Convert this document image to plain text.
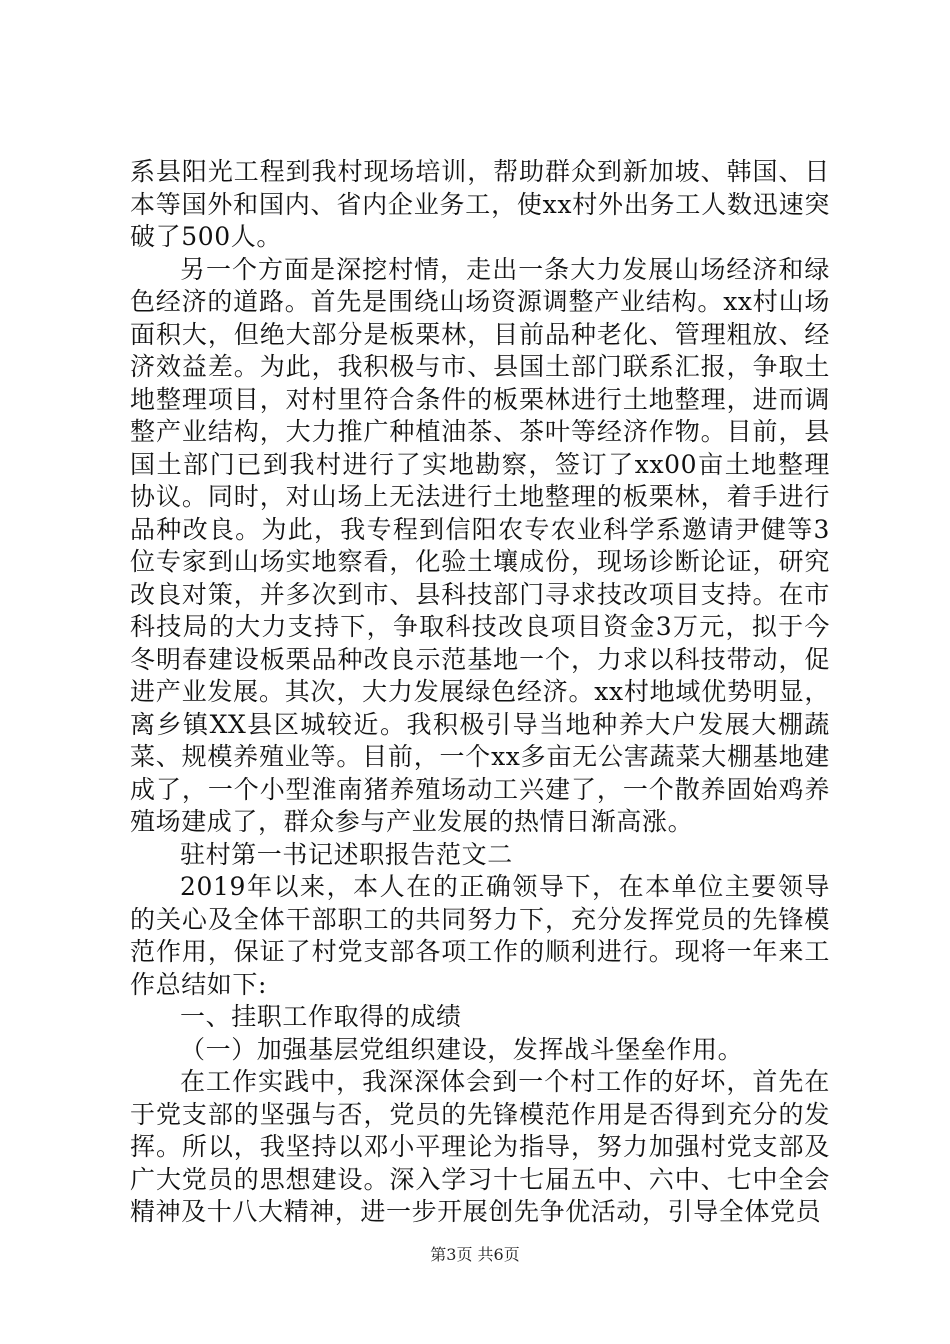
系县阳光工程到我村现场培训，帮助群众到新加坡、韩国、日本等国外和国内、省内企业务工，使xx村外出务工人数迅速突破了500人。

另一个方面是深挖村情，走出一条大力发展山场经济和绿色经济的道路。首先是围绕山场资源调整产业结构。xx村山场面积大，但绝大部分是板栗林，目前品种老化、管理粗放、经济效益差。为此，我积极与市、县国土部门联系汇报，争取土地整理项目，对村里符合条件的板栗林进行土地整理，进而调整产业结构，大力推广种植油茶、茶叶等经济作物。目前，县国土部门已到我村进行了实地勘察，签订了xx00亩土地整理协议。同时，对山场上无法进行土地整理的板栗林，着手进行品种改良。为此，我专程到信阳农专农业科学系邀请尹健等3位专家到山场实地察看，化验土壤成份，现场诊断论证，研究改良对策，并多次到市、县科技部门寻求技改项目支持。在市科技局的大力支持下，争取科技改良项目资金3万元，拟于今冬明春建设板栗品种改良示范基地一个，力求以科技带动，促进产业发展。其次，大力发展绿色经济。xx村地域优势明显，离乡镇XX县区城较近。我积极引导当地种养大户发展大棚蔬菜、规模养殖业等。目前，一个xx多亩无公害蔬菜大棚基地建成了，一个小型淮南猪养殖场动工兴建了，一个散养固始鸡养殖场建成了，群众参与产业发展的热情日渐高涨。

驻村第一书记述职报告范文二

2019年以来，本人在的正确领导下，在本单位主要领导的关心及全体干部职工的共同努力下，充分发挥党员的先锋模范作用，保证了村党支部各项工作的顺利进行。现将一年来工作总结如下:

一、挂职工作取得的成绩

（一）加强基层党组织建设，发挥战斗堡垒作用。

在工作实践中，我深深体会到一个村工作的好坏，首先在于党支部的坚强与否，党员的先锋模范作用是否得到充分的发挥。所以，我坚持以邓小平理论为指导，努力加强村党支部及广大党员的思想建设。深入学习十七届五中、六中、七中全会精神及十八大精神，进一步开展创先争优活动，引导全体党员

第3页 共6页
